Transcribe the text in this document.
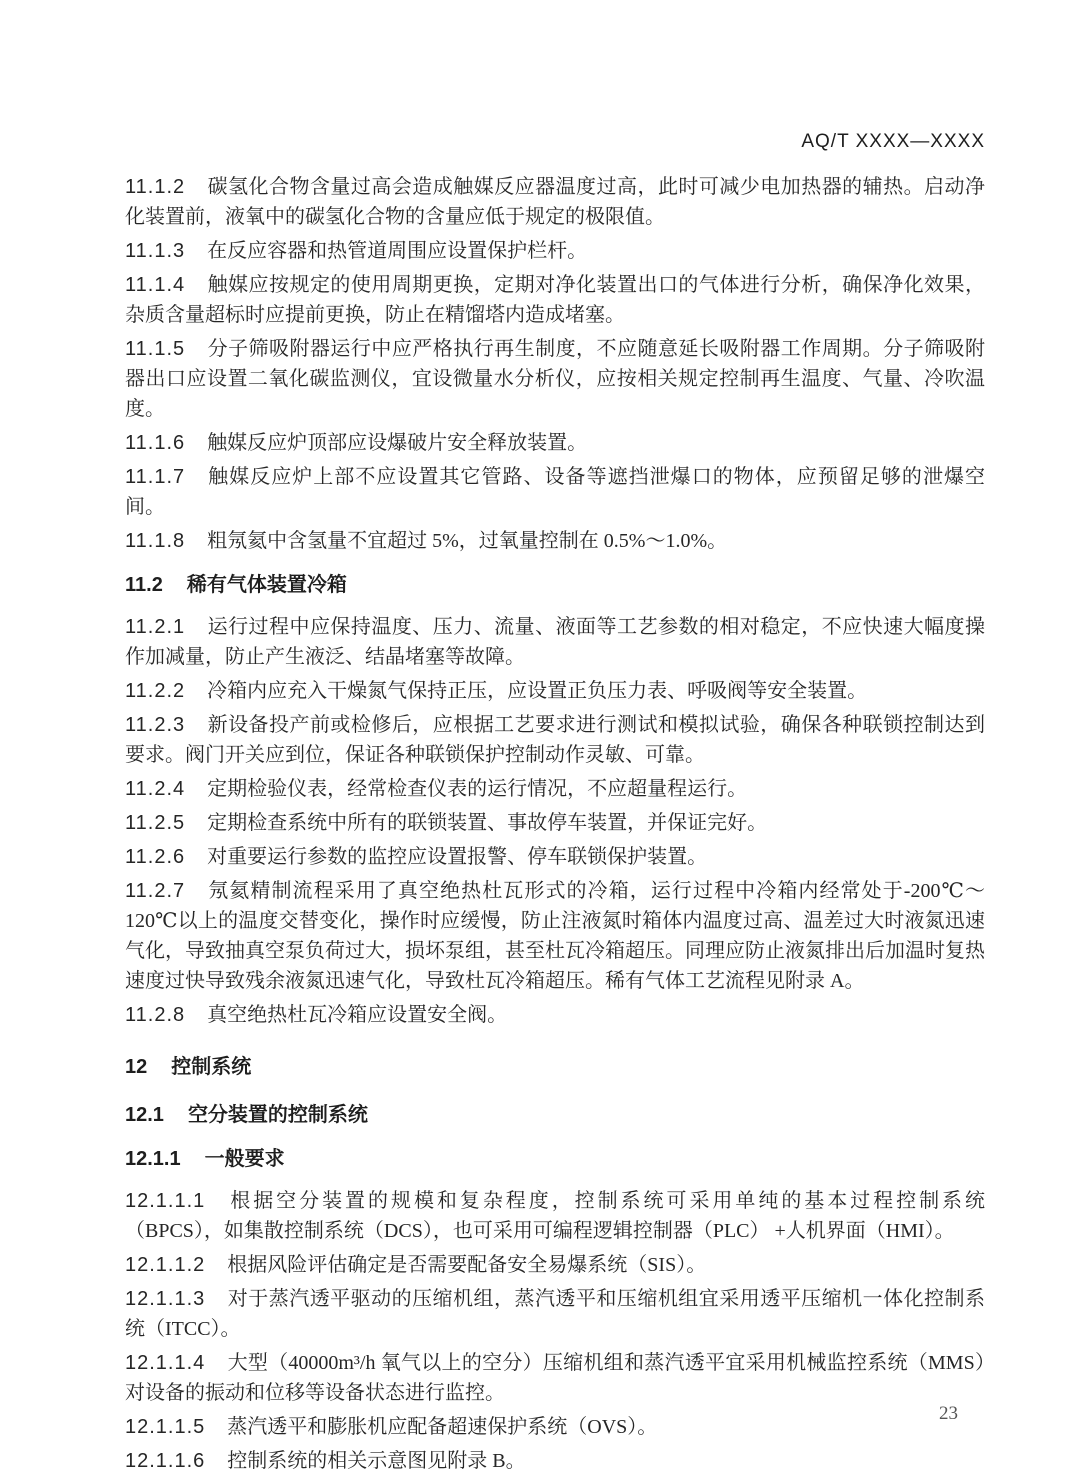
AQ/T XXXX—XXXX

11.1.2 碳氢化合物含量过高会造成触媒反应器温度过高，此时可减少电加热器的辅热。启动净化装置前，液氧中的碳氢化合物的含量应低于规定的极限值。

11.1.3 在反应容器和热管道周围应设置保护栏杆。

11.1.4 触媒应按规定的使用周期更换，定期对净化装置出口的气体进行分析，确保净化效果，杂质含量超标时应提前更换，防止在精馏塔内造成堵塞。

11.1.5 分子筛吸附器运行中应严格执行再生制度，不应随意延长吸附器工作周期。分子筛吸附器出口应设置二氧化碳监测仪，宜设微量水分析仪，应按相关规定控制再生温度、气量、冷吹温度。

11.1.6 触媒反应炉顶部应设爆破片安全释放装置。

11.1.7 触媒反应炉上部不应设置其它管路、设备等遮挡泄爆口的物体，应预留足够的泄爆空间。

11.1.8 粗氖氦中含氢量不宜超过 5%，过氧量控制在 0.5%～1.0%。

11.2 稀有气体装置冷箱

11.2.1 运行过程中应保持温度、压力、流量、液面等工艺参数的相对稳定，不应快速大幅度操作加减量，防止产生液泛、结晶堵塞等故障。

11.2.2 冷箱内应充入干燥氮气保持正压，应设置正负压力表、呼吸阀等安全装置。

11.2.3 新设备投产前或检修后，应根据工艺要求进行测试和模拟试验，确保各种联锁控制达到要求。阀门开关应到位，保证各种联锁保护控制动作灵敏、可靠。

11.2.4 定期检验仪表，经常检查仪表的运行情况，不应超量程运行。

11.2.5 定期检查系统中所有的联锁装置、事故停车装置，并保证完好。

11.2.6 对重要运行参数的监控应设置报警、停车联锁保护装置。

11.2.7 氖氦精制流程采用了真空绝热杜瓦形式的冷箱，运行过程中冷箱内经常处于-200℃～120℃以上的温度交替变化，操作时应缓慢，防止注液氮时箱体内温度过高、温差过大时液氮迅速气化，导致抽真空泵负荷过大，损坏泵组，甚至杜瓦冷箱超压。同理应防止液氮排出后加温时复热速度过快导致残余液氮迅速气化，导致杜瓦冷箱超压。稀有气体工艺流程见附录 A。

11.2.8 真空绝热杜瓦冷箱应设置安全阀。

12 控制系统

12.1 空分装置的控制系统

12.1.1 一般要求

12.1.1.1 根据空分装置的规模和复杂程度，控制系统可采用单纯的基本过程控制系统（BPCS），如集散控制系统（DCS），也可采用可编程逻辑控制器（PLC） +人机界面（HMI）。

12.1.1.2 根据风险评估确定是否需要配备安全易爆系统（SIS）。

12.1.1.3 对于蒸汽透平驱动的压缩机组，蒸汽透平和压缩机组宜采用透平压缩机一体化控制系统（ITCC）。

12.1.1.4 大型（40000m³/h 氧气以上的空分）压缩机组和蒸汽透平宜采用机械监控系统（MMS）对设备的振动和位移等设备状态进行监控。

12.1.1.5 蒸汽透平和膨胀机应配备超速保护系统（OVS）。

12.1.1.6 控制系统的相关示意图见附录 B。

23
